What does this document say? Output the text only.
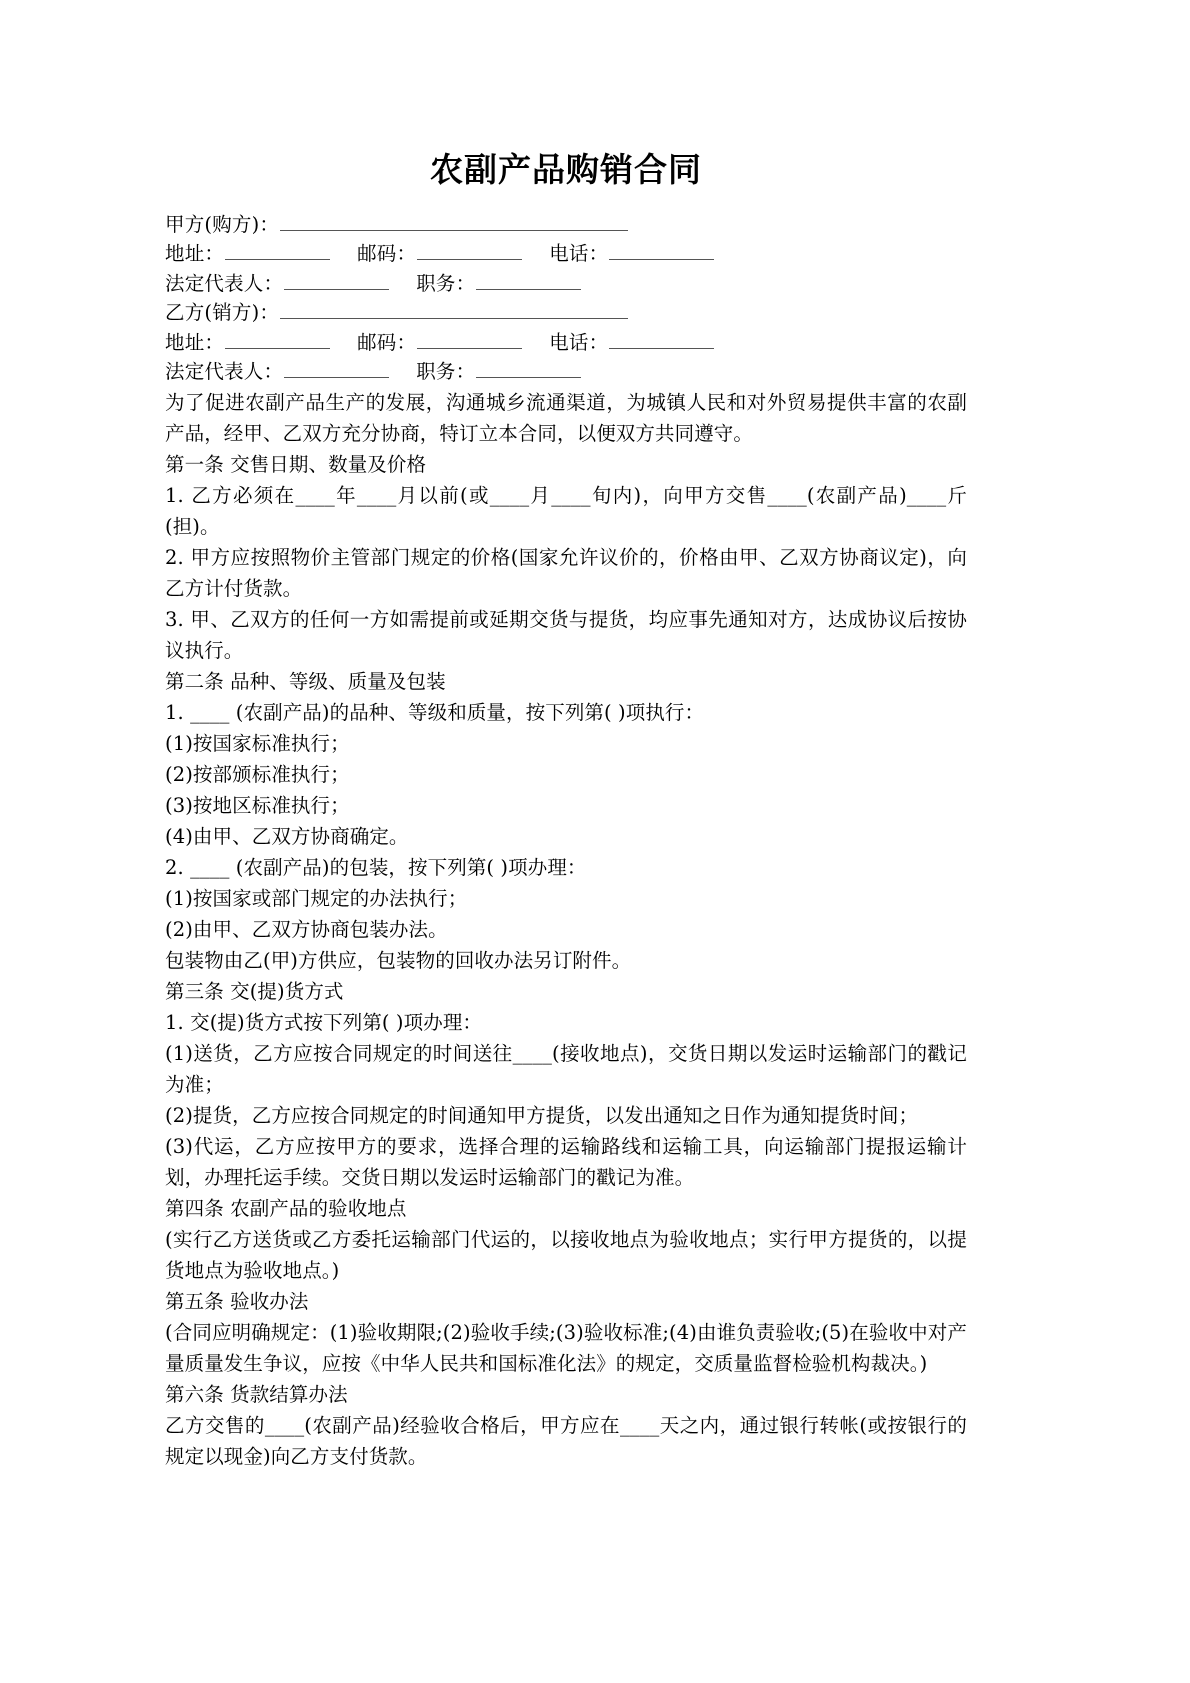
农副产品购销合同
甲方(购方)：
地址：	邮码：	电话：
法定代表人：	职务：
乙方(销方)：
地址：	邮码：	电话：
法定代表人：	职务：

为了促进农副产品生产的发展，沟通城乡流通渠道，为城镇人民和对外贸易提供丰富的农副产品，经甲、乙双方充分协商，特订立本合同，以便双方共同遵守。

第一条 交售日期、数量及价格

1. 乙方必须在____年____月以前(或____月____旬内)，向甲方交售____(农副产品)____斤(担)。

2. 甲方应按照物价主管部门规定的价格(国家允许议价的，价格由甲、乙双方协商议定)，向乙方计付货款。

3. 甲、乙双方的任何一方如需提前或延期交货与提货，均应事先通知对方，达成协议后按协议执行。

第二条 品种、等级、质量及包装

1. ____ (农副产品)的品种、等级和质量，按下列第( )项执行：

(1)按国家标准执行；

(2)按部颁标准执行；

(3)按地区标准执行；

(4)由甲、乙双方协商确定。

2. ____ (农副产品)的包装，按下列第( )项办理：

(1)按国家或部门规定的办法执行；

(2)由甲、乙双方协商包装办法。

包装物由乙(甲)方供应，包装物的回收办法另订附件。

第三条 交(提)货方式

1. 交(提)货方式按下列第( )项办理：

(1)送货，乙方应按合同规定的时间送往____(接收地点)，交货日期以发运时运输部门的戳记为准；

(2)提货，乙方应按合同规定的时间通知甲方提货，以发出通知之日作为通知提货时间；

(3)代运，乙方应按甲方的要求，选择合理的运输路线和运输工具，向运输部门提报运输计划，办理托运手续。交货日期以发运时运输部门的戳记为准。

第四条 农副产品的验收地点

(实行乙方送货或乙方委托运输部门代运的，以接收地点为验收地点；实行甲方提货的，以提货地点为验收地点。)

第五条 验收办法

(合同应明确规定：(1)验收期限;(2)验收手续;(3)验收标准;(4)由谁负责验收;(5)在验收中对产量质量发生争议，应按《中华人民共和国标准化法》的规定，交质量监督检验机构裁决。)

第六条 货款结算办法

乙方交售的____(农副产品)经验收合格后，甲方应在____天之内，通过银行转帐(或按银行的规定以现金)向乙方支付货款。
